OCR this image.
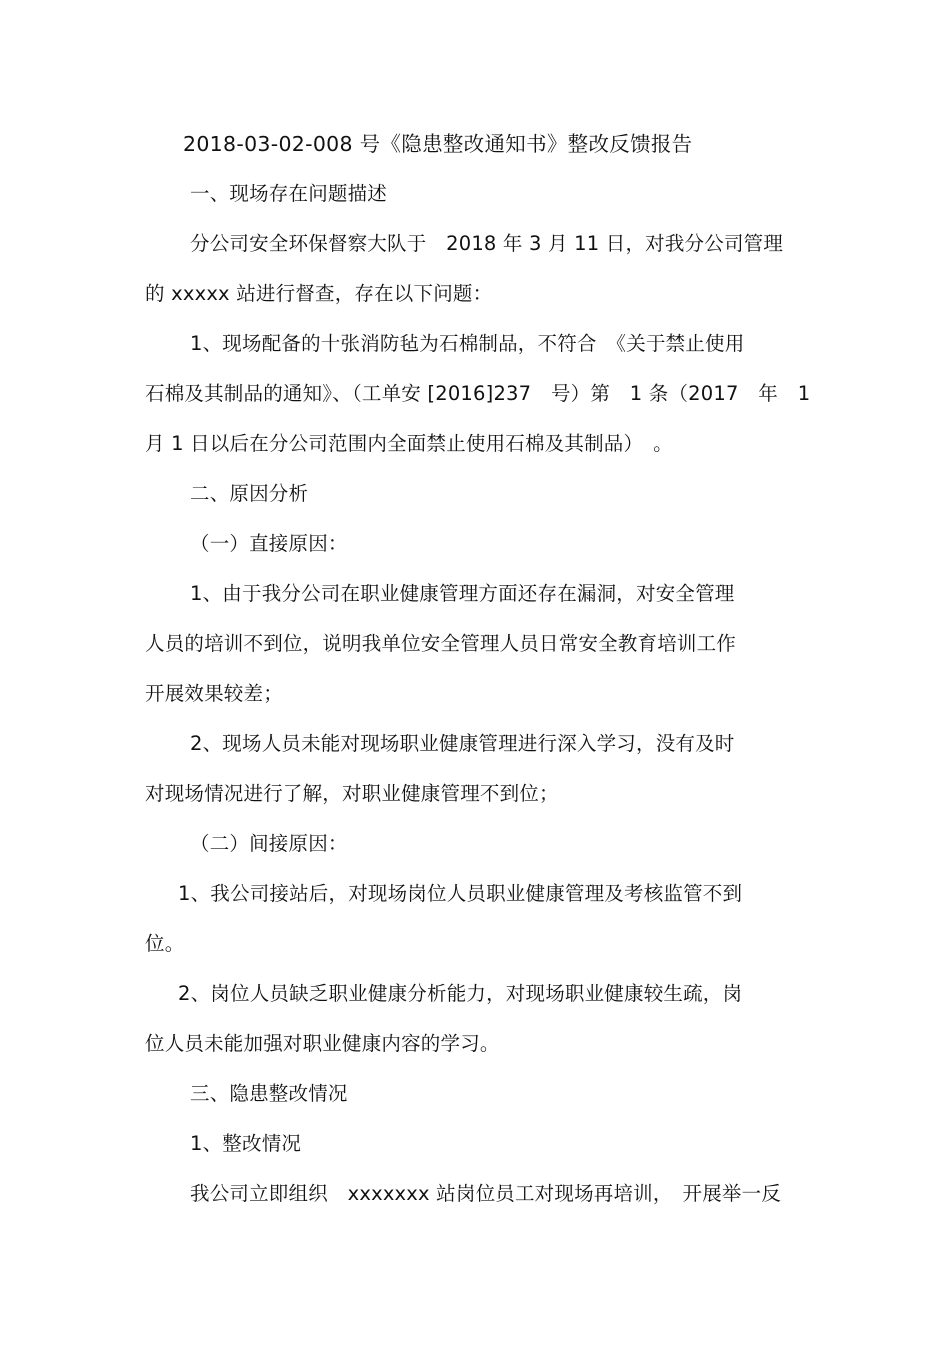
2018-03-02-008 号《隐患整改通知书》整改反馈报告
一、现场存在问题描述
分公司安全环保督察大队于　2018 年 3 月 11 日，对我分公司管理
的 xxxxx 站进行督查，存在以下问题：
1、现场配备的十张消防毡为石棉制品，不符合　《关于禁止使用
石棉及其制品的通知》、（工单安 [2016]237　号）第　1 条（2017　年　1
月 1 日以后在分公司范围内全面禁止使用石棉及其制品）　。
二、原因分析
（一）直接原因：
1、由于我分公司在职业健康管理方面还存在漏洞，对安全管理
人员的培训不到位，说明我单位安全管理人员日常安全教育培训工作
开展效果较差；
2、现场人员未能对现场职业健康管理进行深入学习，没有及时
对现场情况进行了解，对职业健康管理不到位；
（二）间接原因：
1、我公司接站后，对现场岗位人员职业健康管理及考核监管不到
位。
2、岗位人员缺乏职业健康分析能力，对现场职业健康较生疏，岗
位人员未能加强对职业健康内容的学习。
三、隐患整改情况
1、整改情况
我公司立即组织　xxxxxxx 站岗位员工对现场再培训，　开展举一反
